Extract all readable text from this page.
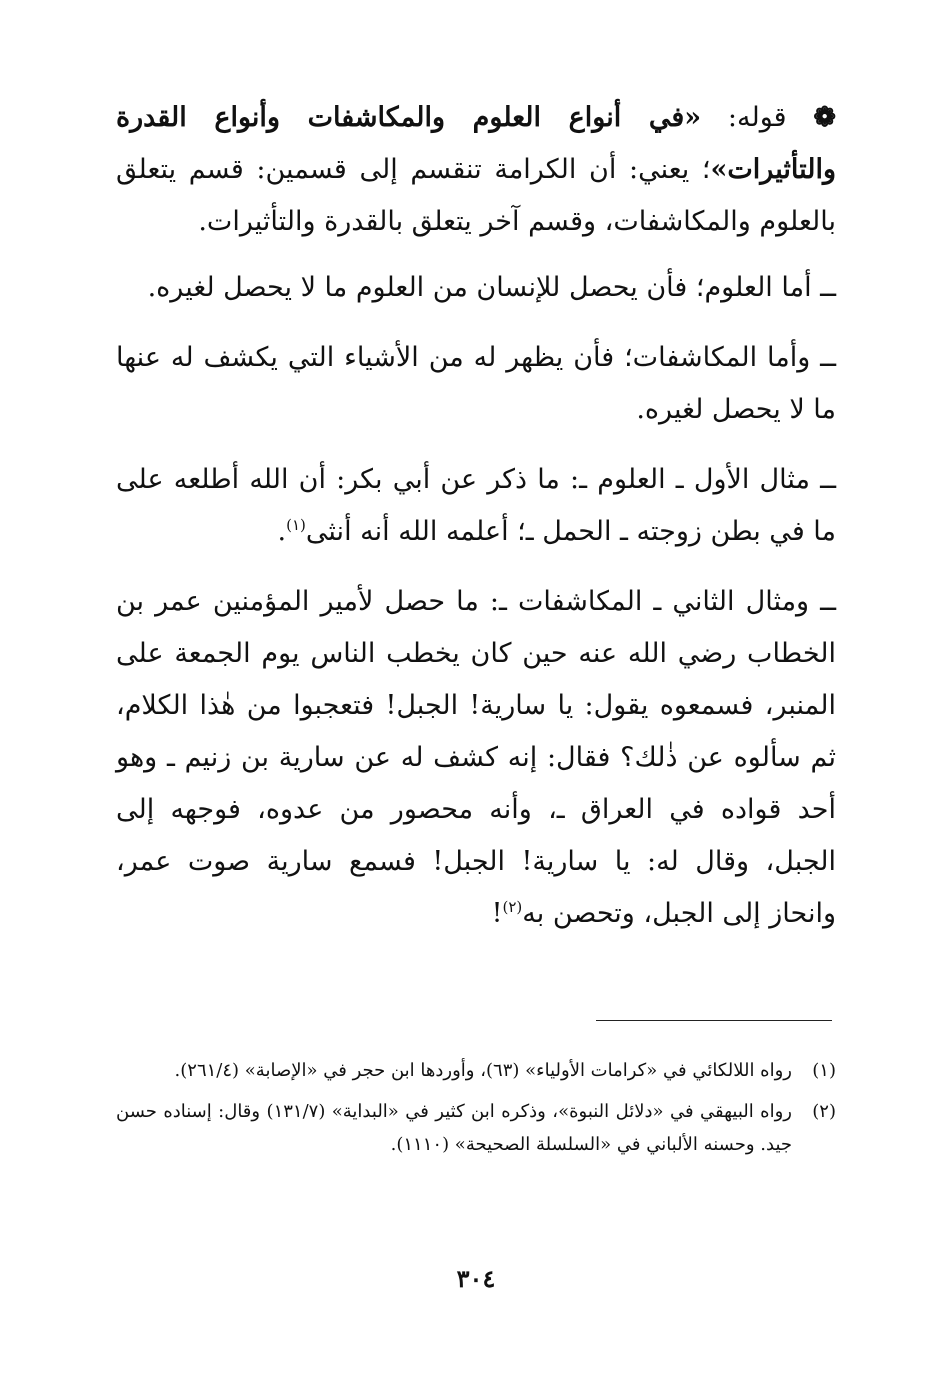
❁ قوله: «في أنواع العلوم والمكاشفات وأنواع القدرة والتأثيرات»؛ يعني: أن الكرامة تنقسم إلى قسمين: قسم يتعلق بالعلوم والمكاشفات، وقسم آخر يتعلق بالقدرة والتأثيرات.

ــ أما العلوم؛ فأن يحصل للإنسان من العلوم ما لا يحصل لغيره.

ــ وأما المكاشفات؛ فأن يظهر له من الأشياء التي يكشف له عنها ما لا يحصل لغيره.

ــ مثال الأول ـ العلوم ـ: ما ذكر عن أبي بكر: أن الله أطلعه على ما في بطن زوجته ـ الحمل ـ؛ أعلمه الله أنه أنثى$^{(١)}$.

ــ ومثال الثاني ـ المكاشفات ـ: ما حصل لأمير المؤمنين عمر بن الخطاب رضي الله عنه حين كان يخطب الناس يوم الجمعة على المنبر، فسمعوه يقول: يا سارية! الجبل! فتعجبوا من هٰذا الكلام، ثم سألوه عن ذٰلك؟ فقال: إنه كشف له عن سارية بن زنيم ـ وهو أحد قواده في العراق ـ، وأنه محصور من عدوه، فوجهه إلى الجبل، وقال له: يا سارية! الجبل! فسمع سارية صوت عمر، وانحاز إلى الجبل، وتحصن به$^{(٢)}$!

(١)
رواه اللالكائي في «كرامات الأولياء» (٦٣)، وأوردها ابن حجر في «الإصابة» (٢٦١/٤).
(٢)
رواه البيهقي في «دلائل النبوة»، وذكره ابن كثير في «البداية» (١٣١/٧) وقال: إسناده حسن جيد. وحسنه الألباني في «السلسلة الصحيحة» (١١١٠).
٣٠٤
